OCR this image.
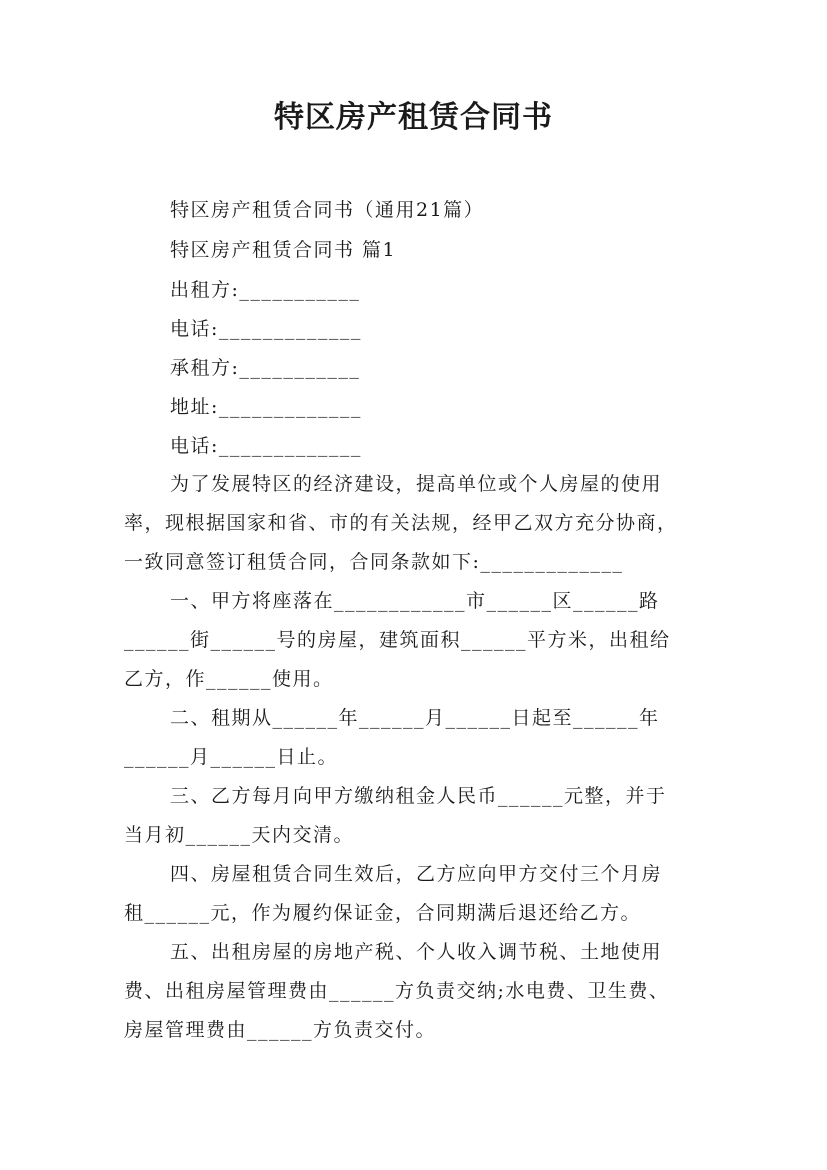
特区房产租赁合同书
特区房产租赁合同书（通用21篇）
特区房产租赁合同书 篇1
出租方:___________
电话:_____________
承租方:___________
地址:_____________
电话:_____________
为了发展特区的经济建设，提高单位或个人房屋的使用
率，现根据国家和省、市的有关法规，经甲乙双方充分协商，
一致同意签订租赁合同，合同条款如下:_____________
一、甲方将座落在____________市______区______路
______街______号的房屋，建筑面积______平方米，出租给
乙方，作______使用。
二、租期从______年______月______日起至______年
______月______日止。
三、乙方每月向甲方缴纳租金人民币______元整，并于
当月初______天内交清。
四、房屋租赁合同生效后，乙方应向甲方交付三个月房
租______元，作为履约保证金，合同期满后退还给乙方。
五、出租房屋的房地产税、个人收入调节税、土地使用
费、出租房屋管理费由______方负责交纳;水电费、卫生费、
房屋管理费由______方负责交付。
